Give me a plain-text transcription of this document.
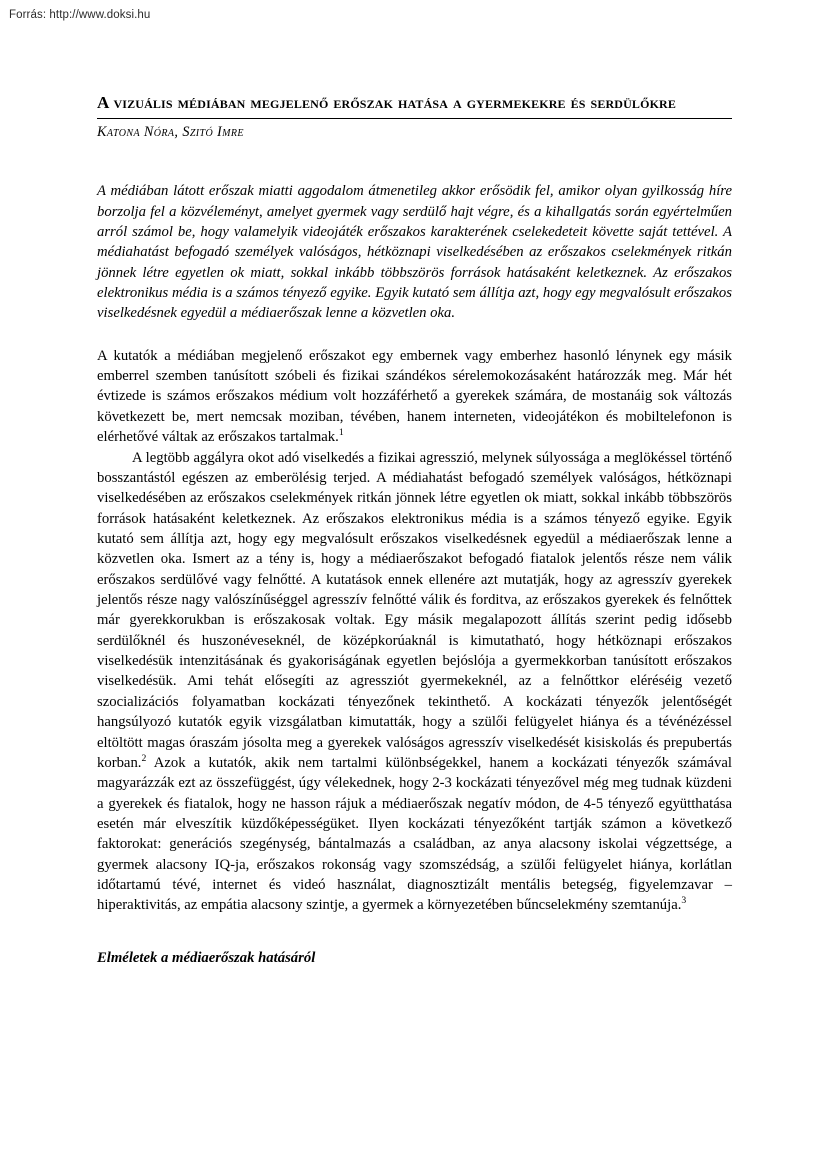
Forrás: http://www.doksi.hu
A vizuális médiában megjelenő erőszak hatása a gyermekekre és serdülőkre
Katona Nóra, Szitó Imre

A médiában látott erőszak miatti aggodalom átmenetileg akkor erősödik fel, amikor olyan gyilkosság híre borzolja fel a közvéleményt, amelyet gyermek vagy serdülő hajt végre, és a kihallgatás során egyértelműen arról számol be, hogy valamelyik videojáték erőszakos karakterének cselekedeteit követte saját tettével. A médiahatást befogadó személyek valóságos, hétköznapi viselkedésében az erőszakos cselekmények ritkán jönnek létre egyetlen ok miatt, sokkal inkább többszörös források hatásaként keletkeznek. Az erőszakos elektronikus média is a számos tényező egyike. Egyik kutató sem állítja azt, hogy egy megvalósult erőszakos viselkedésnek egyedül a médiaerőszak lenne a közvetlen oka.

A kutatók a médiában megjelenő erőszakot egy embernek vagy emberhez hasonló lénynek egy másik emberrel szemben tanúsított szóbeli és fizikai szándékos sérelemokozásaként határozzák meg. Már hét évtizede is számos erőszakos médium volt hozzáférhető a gyerekek számára, de mostanáig sok változás következett be, mert nemcsak moziban, tévében, hanem interneten, videojátékon és mobiltelefonon is elérhetővé váltak az erőszakos tartalmak.$^1$

A legtöbb aggályra okot adó viselkedés a fizikai agresszió, melynek súlyossága a meglökéssel történő bosszantástól egészen az emberölésig terjed. A médiahatást befogadó személyek valóságos, hétköznapi viselkedésében az erőszakos cselekmények ritkán jönnek létre egyetlen ok miatt, sokkal inkább többszörös források hatásaként keletkeznek. Az erőszakos elektronikus média is a számos tényező egyike. Egyik kutató sem állítja azt, hogy egy megvalósult erőszakos viselkedésnek egyedül a médiaerőszak lenne a közvetlen oka. Ismert az a tény is, hogy a médiaerőszakot befogadó fiatalok jelentős része nem válik erőszakos serdülővé vagy felnőtté. A kutatások ennek ellenére azt mutatják, hogy az agresszív gyerekek jelentős része nagy valószínűséggel agresszív felnőtté válik és forditva, az erőszakos gyerekek és felnőttek már gyerekkorukban is erőszakosak voltak. Egy másik megalapozott állítás szerint pedig idősebb serdülőknél és huszonéveseknél, de középkorúaknál is kimutatható, hogy hétköznapi erőszakos viselkedésük intenzitásának és gyakoriságának egyetlen bejóslója a gyermekkorban tanúsított erőszakos viselkedésük. Ami tehát elősegíti az agressziót gyermekeknél, az a felnőttkor eléréséig vezető szocializációs folyamatban kockázati tényezőnek tekinthető. A kockázati tényezők jelentőségét hangsúlyozó kutatók egyik vizsgálatban kimutatták, hogy a szülői felügyelet hiánya és a tévénézéssel eltöltött magas óraszám jósolta meg a gyerekek valóságos agresszív viselkedését kisiskolás és prepubertás korban.$^2$ Azok a kutatók, akik nem tartalmi különbségekkel, hanem a kockázati tényezők számával magyarázzák ezt az összefüggést, úgy vélekednek, hogy 2-3 kockázati tényezővel még meg tudnak küzdeni a gyerekek és fiatalok, hogy ne hasson rájuk a médiaerőszak negatív módon, de 4-5 tényező együtthatása esetén már elveszítik küzdőképességüket. Ilyen kockázati tényezőként tartják számon a következő faktorokat: generációs szegénység, bántalmazás a családban, az anya alacsony iskolai végzettsége, a gyermek alacsony IQ-ja, erőszakos rokonság vagy szomszédság, a szülői felügyelet hiánya, korlátlan időtartamú tévé, internet és videó használat, diagnosztizált mentális betegség, figyelemzavar – hiperaktivitás, az empátia alacsony szintje, a gyermek a környezetében bűncselekmény szemtanúja.$^3$

Elméletek a médiaerőszak hatásáról
